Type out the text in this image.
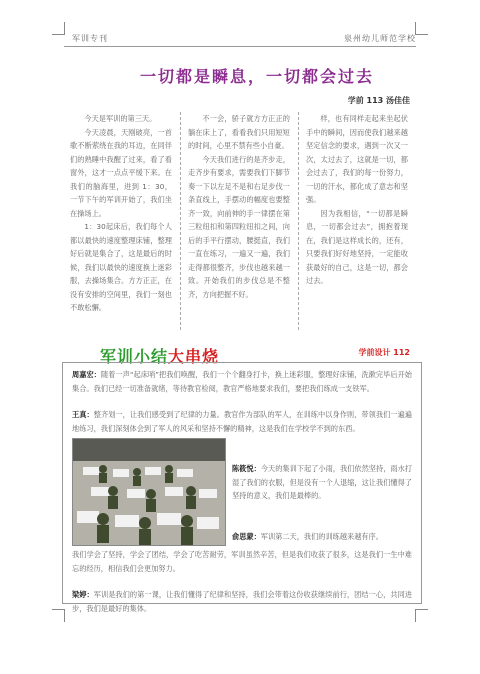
军训专刊	泉州幼儿师范学校
一切都是瞬息，一切都会过去
学前 113 汤佳佳

今天是军训的第三天。

今天凌晨，天刚破亮，一首歌不断萦绕在我的耳边，在同伴们的熟睡中我醒了过来，看了看窗外，这才一点点平缓下来。在我们的脑海里，进到 1：30，一节下午的军训开始了，我们坐在操场上。

1：30起床后，我们每个人都以最快的速度整理床铺，整理好后就是集合了，这是最后的时候，我们以最快的速度换上迷彩服，去操场集合。方方正正，在没有安排的空间里，我们一刻也不敢松懈。

不一会，骄子就方方正正的躺在床上了，看看我们只用短短的时间，心里不禁有些小自豪。

今天我们进行的是齐步走，走齐步有要求，需要我们下脚节奏一下以左足不是和右足步伐一条直线上，手摆动的幅度也要整齐一致，向前伸的手一律摆在第三粒纽扣和第四粒纽扣之间，向后的手平行摆动，腰挺直，我们一直在练习，一遍又一遍，我们走得都很整齐，步伐也越来越一致。开始我们的步伐总是不整齐，方向把握不好。

样，也有同样走起来坐起伏手中的瞬间，因而使我们越来越坚定信念的要求，遇到一次又一次，太过去了，这就是一切，都会过去了，我们的每一份努力，一切的汗水，都化成了意志和坚强。

因为我相信，“一切都是瞬息，一切都会过去”，拥抱着现在，我们是这样成长的，还有，只要我们好好地坚持，一定能收获最好的自己，这是一切，都会过去。

军训小结大串烧	学前设计 112
周嘉宏：随着一声“起床哨”把我们唤醒，我们一个个翻身打卡，换上迷彩服，整理好床铺，洗漱完毕后开始集合。我们已经一切准备就绪，等待教官检阅，教官严格地要求我们，要把我们练成一支铁军。
王真：整齐划一，让我们感受到了纪律的力量。教官作为部队的军人，在训练中以身作则，带领我们一遍遍地练习，我们深刻体会到了军人的风采和坚持不懈的精神，这是我们在学校学不到的东西。
陈筱悦：今天的集训下起了小雨，我们依然坚持，雨水打湿了我们的衣服，但是没有一个人退缩，这让我们懂得了坚持的意义，我们是最棒的。
俞思蒙：军训第二天，我们的训练越来越有序。
我们学会了坚持，学会了团结，学会了吃苦耐劳，军训虽然辛苦，但是我们收获了很多，这是我们一生中难忘的经历，相信我们会更加努力。
梁婷：军训是我们的第一课，让我们懂得了纪律和坚持，我们会带着这份收获继续前行，团结一心，共同进步，我们是最好的集体。
